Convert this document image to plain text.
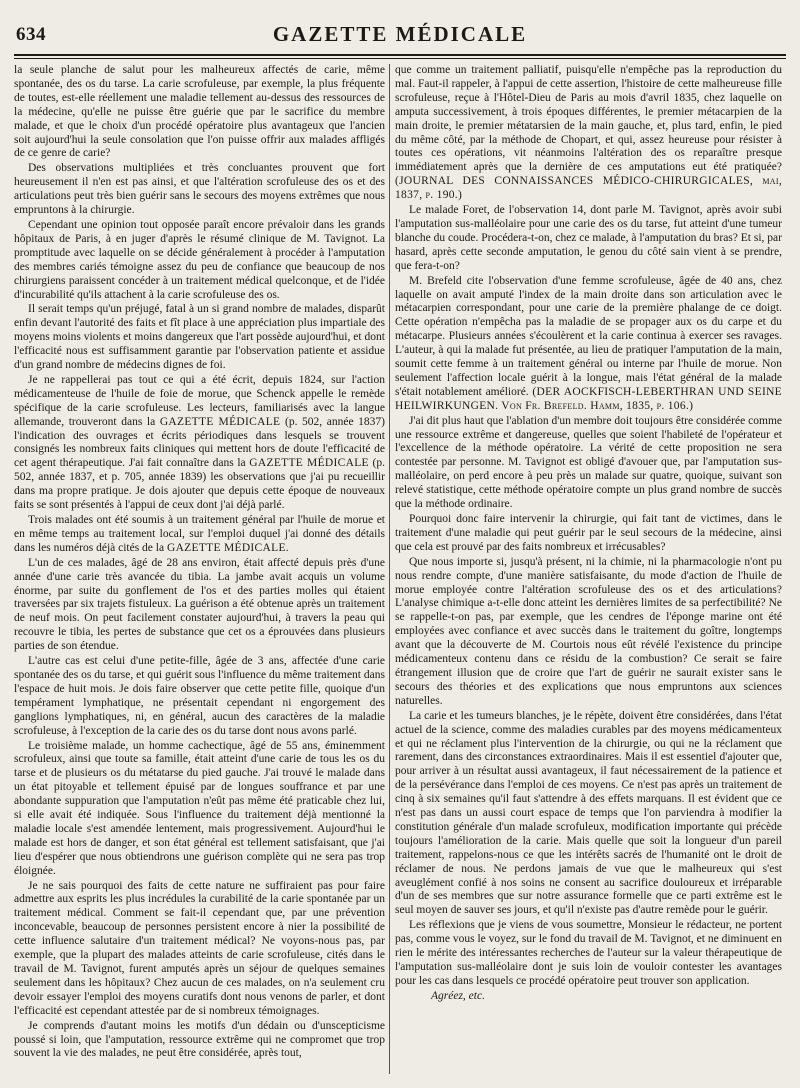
634	GAZETTE MÉDICALE

la seule planche de salut pour les malheureux affectés de carie, même spontanée, des os du tarse. La carie scrofuleuse, par exemple, la plus fréquente de toutes, est-elle réellement une maladie tellement au-dessus des ressources de la médecine, qu'elle ne puisse être guérie que par le sacrifice du membre malade, et que le choix d'un procédé opératoire plus avantageux que l'ancien soit aujourd'hui la seule consolation que l'on puisse offrir aux malades affligés de ce genre de carie?

Des observations multipliées et très concluantes prouvent que fort heureusement il n'en est pas ainsi, et que l'altération scrofuleuse des os et des articulations peut très bien guérir sans le secours des moyens extrêmes que nous empruntons à la chirurgie.

Cependant une opinion tout opposée paraît encore prévaloir dans les grands hôpitaux de Paris, à en juger d'après le résumé clinique de M. Tavignot. La promptitude avec laquelle on se décide généralement à procéder à l'amputation des membres cariés témoigne assez du peu de confiance que beaucoup de nos chirurgiens paraissent concéder à un traitement médical quelconque, et de l'idée d'incurabilité qu'ils attachent à la carie scrofuleuse des os.

Il serait temps qu'un préjugé, fatal à un si grand nombre de malades, disparût enfin devant l'autorité des faits et fît place à une appréciation plus impartiale des moyens moins violents et moins dangereux que l'art possède aujourd'hui, et dont l'efficacité nous est suffisamment garantie par l'observation patiente et assidue d'un grand nombre de médecins dignes de foi.

Je ne rappellerai pas tout ce qui a été écrit, depuis 1824, sur l'action médicamenteuse de l'huile de foie de morue, que Schenck appelle le remède spécifique de la carie scrofuleuse. Les lecteurs, familiarisés avec la langue allemande, trouveront dans la GAZETTE MÉDICALE (p. 502, année 1837) l'indication des ouvrages et écrits périodiques dans lesquels se trouvent consignés les nombreux faits cliniques qui mettent hors de doute l'efficacité de cet agent thérapeutique. J'ai fait connaître dans la GAZETTE MÉDICALE (p. 502, année 1837, et p. 705, année 1839) les observations que j'ai pu recueillir dans ma propre pratique. Je dois ajouter que depuis cette époque de nouveaux faits se sont présentés à l'appui de ceux dont j'ai déjà parlé.

Trois malades ont été soumis à un traitement général par l'huile de morue et en même temps au traitement local, sur l'emploi duquel j'ai donné des détails dans les numéros déjà cités de la GAZETTE MÉDICALE.

L'un de ces malades, âgé de 28 ans environ, était affecté depuis près d'une année d'une carie très avancée du tibia. La jambe avait acquis un volume énorme, par suite du gonflement de l'os et des parties molles qui étaient traversées par six trajets fistuleux. La guérison a été obtenue après un traitement de neuf mois. On peut facilement constater aujourd'hui, à travers la peau qui recouvre le tibia, les pertes de substance que cet os a éprouvées dans plusieurs parties de son étendue.

L'autre cas est celui d'une petite-fille, âgée de 3 ans, affectée d'une carie spontanée des os du tarse, et qui guérit sous l'influence du même traitement dans l'espace de huit mois. Je dois faire observer que cette petite fille, quoique d'un tempérament lymphatique, ne présentait cependant ni engorgement des ganglions lymphatiques, ni, en général, aucun des caractères de la maladie scrofuleuse, à l'exception de la carie des os du tarse dont nous avons parlé.

Le troisième malade, un homme cachectique, âgé de 55 ans, éminemment scrofuleux, ainsi que toute sa famille, était atteint d'une carie de tous les os du tarse et de plusieurs os du métatarse du pied gauche. J'ai trouvé le malade dans un état pitoyable et tellement épuisé par de longues souffrance et par une abondante suppuration que l'amputation n'eût pas même été praticable chez lui, si elle avait été indiquée. Sous l'influence du traitement déjà mentionné la maladie locale s'est amendée lentement, mais progressivement. Aujourd'hui le malade est hors de danger, et son état général est tellement satisfaisant, que j'ai lieu d'espérer que nous obtiendrons une guérison complète qui ne sera pas trop éloignée.

Je ne sais pourquoi des faits de cette nature ne suffiraient pas pour faire admettre aux esprits les plus incrédules la curabilité de la carie spontanée par un traitement médical. Comment se fait-il cependant que, par une prévention inconcevable, beaucoup de personnes persistent encore à nier la possibilité de cette influence salutaire d'un traitement médical? Ne voyons-nous pas, par exemple, que la plupart des malades atteints de carie scrofuleuse, cités dans le travail de M. Tavignot, furent amputés après un séjour de quelques semaines seulement dans les hôpitaux? Chez aucun de ces malades, on n'a seulement cru devoir essayer l'emploi des moyens curatifs dont nous venons de parler, et dont l'efficacité est cependant attestée par de si nombreux témoignages.

Je comprends d'autant moins les motifs d'un dédain ou d'unscepticisme poussé si loin, que l'amputation, ressource extrême qui ne compromet que trop souvent la vie des malades, ne peut être considérée, après tout,

que comme un traitement palliatif, puisqu'elle n'empêche pas la reproduction du mal. Faut-il rappeler, à l'appui de cette assertion, l'histoire de cette malheureuse fille scrofuleuse, reçue à l'Hôtel-Dieu de Paris au mois d'avril 1835, chez laquelle on amputa successivement, à trois époques différentes, le premier métacarpien de la main droite, le premier métatarsien de la main gauche, et, plus tard, enfin, le pied du même côté, par la méthode de Chopart, et qui, assez heureuse pour résister à toutes ces opérations, vit néanmoins l'altération des os reparaître presque immédiatement après que la dernière de ces amputations eut été pratiquée? (JOURNAL DES CONNAISSANCES MÉDICO-CHIRURGICALES, mai, 1837, p. 190.)

Le malade Foret, de l'observation 14, dont parle M. Tavignot, après avoir subi l'amputation sus-malléolaire pour une carie des os du tarse, fut atteint d'une tumeur blanche du coude. Procédera-t-on, chez ce malade, à l'amputation du bras? Et si, par hasard, après cette seconde amputation, le genou du côté sain vient à se prendre, que fera-t-on?

M. Brefeld cite l'observation d'une femme scrofuleuse, âgée de 40 ans, chez laquelle on avait amputé l'index de la main droite dans son articulation avec le métacarpien correspondant, pour une carie de la première phalange de ce doigt. Cette opération n'empêcha pas la maladie de se propager aux os du carpe et du métacarpe. Plusieurs années s'écoulèrent et la carie continua à exercer ses ravages. L'auteur, à qui la malade fut présentée, au lieu de pratiquer l'amputation de la main, soumit cette femme à un traitement général ou interne par l'huile de morue. Non seulement l'affection locale guérit à la longue, mais l'état général de la malade s'était notablement amélioré. (DER AOCKFISCH-LEBERTHRAN UND SEINE HEILWIRKUNGEN. Von Fr. Brefeld. Hamm, 1835, p. 106.)

J'ai dit plus haut que l'ablation d'un membre doit toujours être considérée comme une ressource extrême et dangereuse, quelles que soient l'habileté de l'opérateur et l'excellence de la méthode opératoire. La vérité de cette proposition ne sera contestée par personne. M. Tavignot est obligé d'avouer que, par l'amputation sus-malléolaire, on perd encore à peu près un malade sur quatre, quoique, suivant son relevé statistique, cette méthode opératoire compte un plus grand nombre de succès que la méthode ordinaire.

Pourquoi donc faire intervenir la chirurgie, qui fait tant de victimes, dans le traitement d'une maladie qui peut guérir par le seul secours de la médecine, ainsi que cela est prouvé par des faits nombreux et irrécusables?

Que nous importe si, jusqu'à présent, ni la chimie, ni la pharmacologie n'ont pu nous rendre compte, d'une manière satisfaisante, du mode d'action de l'huile de morue employée contre l'altération scrofuleuse des os et des articulations? L'analyse chimique a-t-elle donc atteint les dernières limites de sa perfectibilité? Ne se rappelle-t-on pas, par exemple, que les cendres de l'éponge marine ont été employées avec confiance et avec succès dans le traitement du goître, longtemps avant que la découverte de M. Courtois nous eût révélé l'existence du principe médicamenteux contenu dans ce résidu de la combustion? Ce serait se faire étrangement illusion que de croire que l'art de guérir ne saurait exister sans le secours des théories et des explications que nous empruntons aux sciences naturelles.

La carie et les tumeurs blanches, je le répète, doivent être considérées, dans l'état actuel de la science, comme des maladies curables par des moyens médicamenteux et qui ne réclament plus l'intervention de la chirurgie, ou qui ne la réclament que rarement, dans des circonstances extraordinaires. Mais il est essentiel d'ajouter que, pour arriver à un résultat aussi avantageux, il faut nécessairement de la patience et de la persévérance dans l'emploi de ces moyens. Ce n'est pas après un traitement de cinq à six semaines qu'il faut s'attendre à des effets marquans. Il est évident que ce n'est pas dans un aussi court espace de temps que l'on parviendra à modifier la constitution générale d'un malade scrofuleux, modification importante qui précède toujours l'amélioration de la carie. Mais quelle que soit la longueur d'un pareil traitement, rappelons-nous ce que les intérêts sacrés de l'humanité ont le droit de réclamer de nous. Ne perdons jamais de vue que le malheureux qui s'est aveuglément confié à nos soins ne consent au sacrifice douloureux et irréparable d'un de ses membres que sur notre assurance formelle que ce parti extrême est le seul moyen de sauver ses jours, et qu'il n'existe pas d'autre remède pour le guérir.

Les réflexions que je viens de vous soumettre, Monsieur le rédacteur, ne portent pas, comme vous le voyez, sur le fond du travail de M. Tavignot, et ne diminuent en rien le mérite des intéressantes recherches de l'auteur sur la valeur thérapeutique de l'amputation sus-malléolaire dont je suis loin de vouloir contester les avantages pour les cas dans lesquels ce procédé opératoire peut trouver son application.

Agréez, etc.
